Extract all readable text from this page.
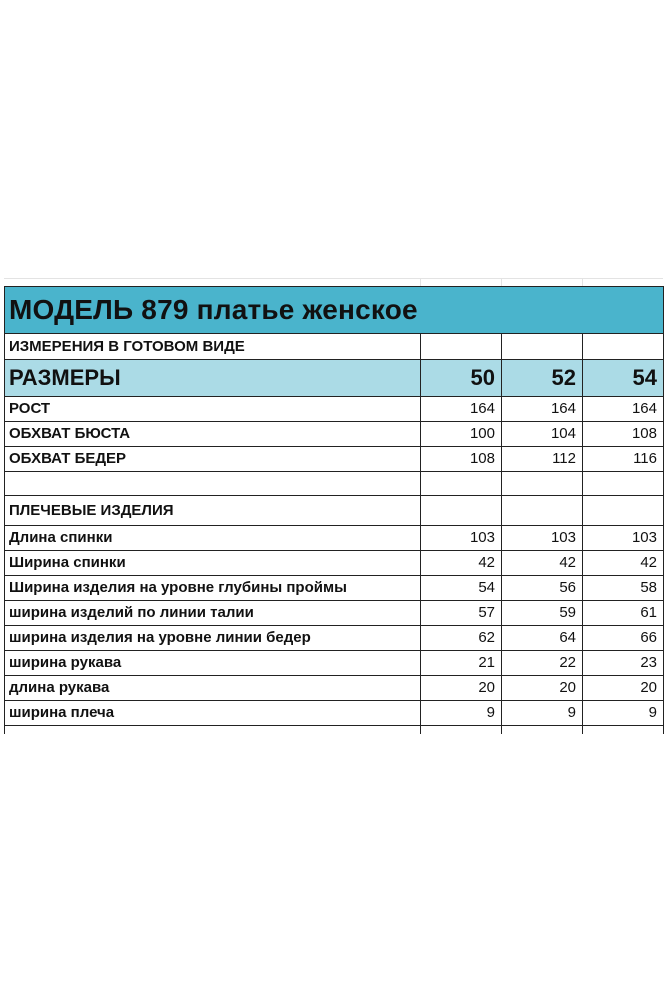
МОДЕЛЬ 879 платье женское			
ИЗМЕРЕНИЯ В ГОТОВОМ ВИДЕ			
РАЗМЕРЫ	50	52	54
РОСТ	164	164	164
ОБХВАТ БЮСТА	100	104	108
ОБХВАТ БЕДЕР	108	112	116

ПЛЕЧЕВЫЕ ИЗДЕЛИЯ			
Длина спинки	103	103	103
Ширина спинки	42	42	42
Ширина изделия на уровне глубины проймы	54	56	58
ширина изделий по линии талии	57	59	61
ширина изделия на уровне линии бедер	62	64	66
ширина рукава	21	22	23
длина рукава	20	20	20
ширина плеча	9	9	9
